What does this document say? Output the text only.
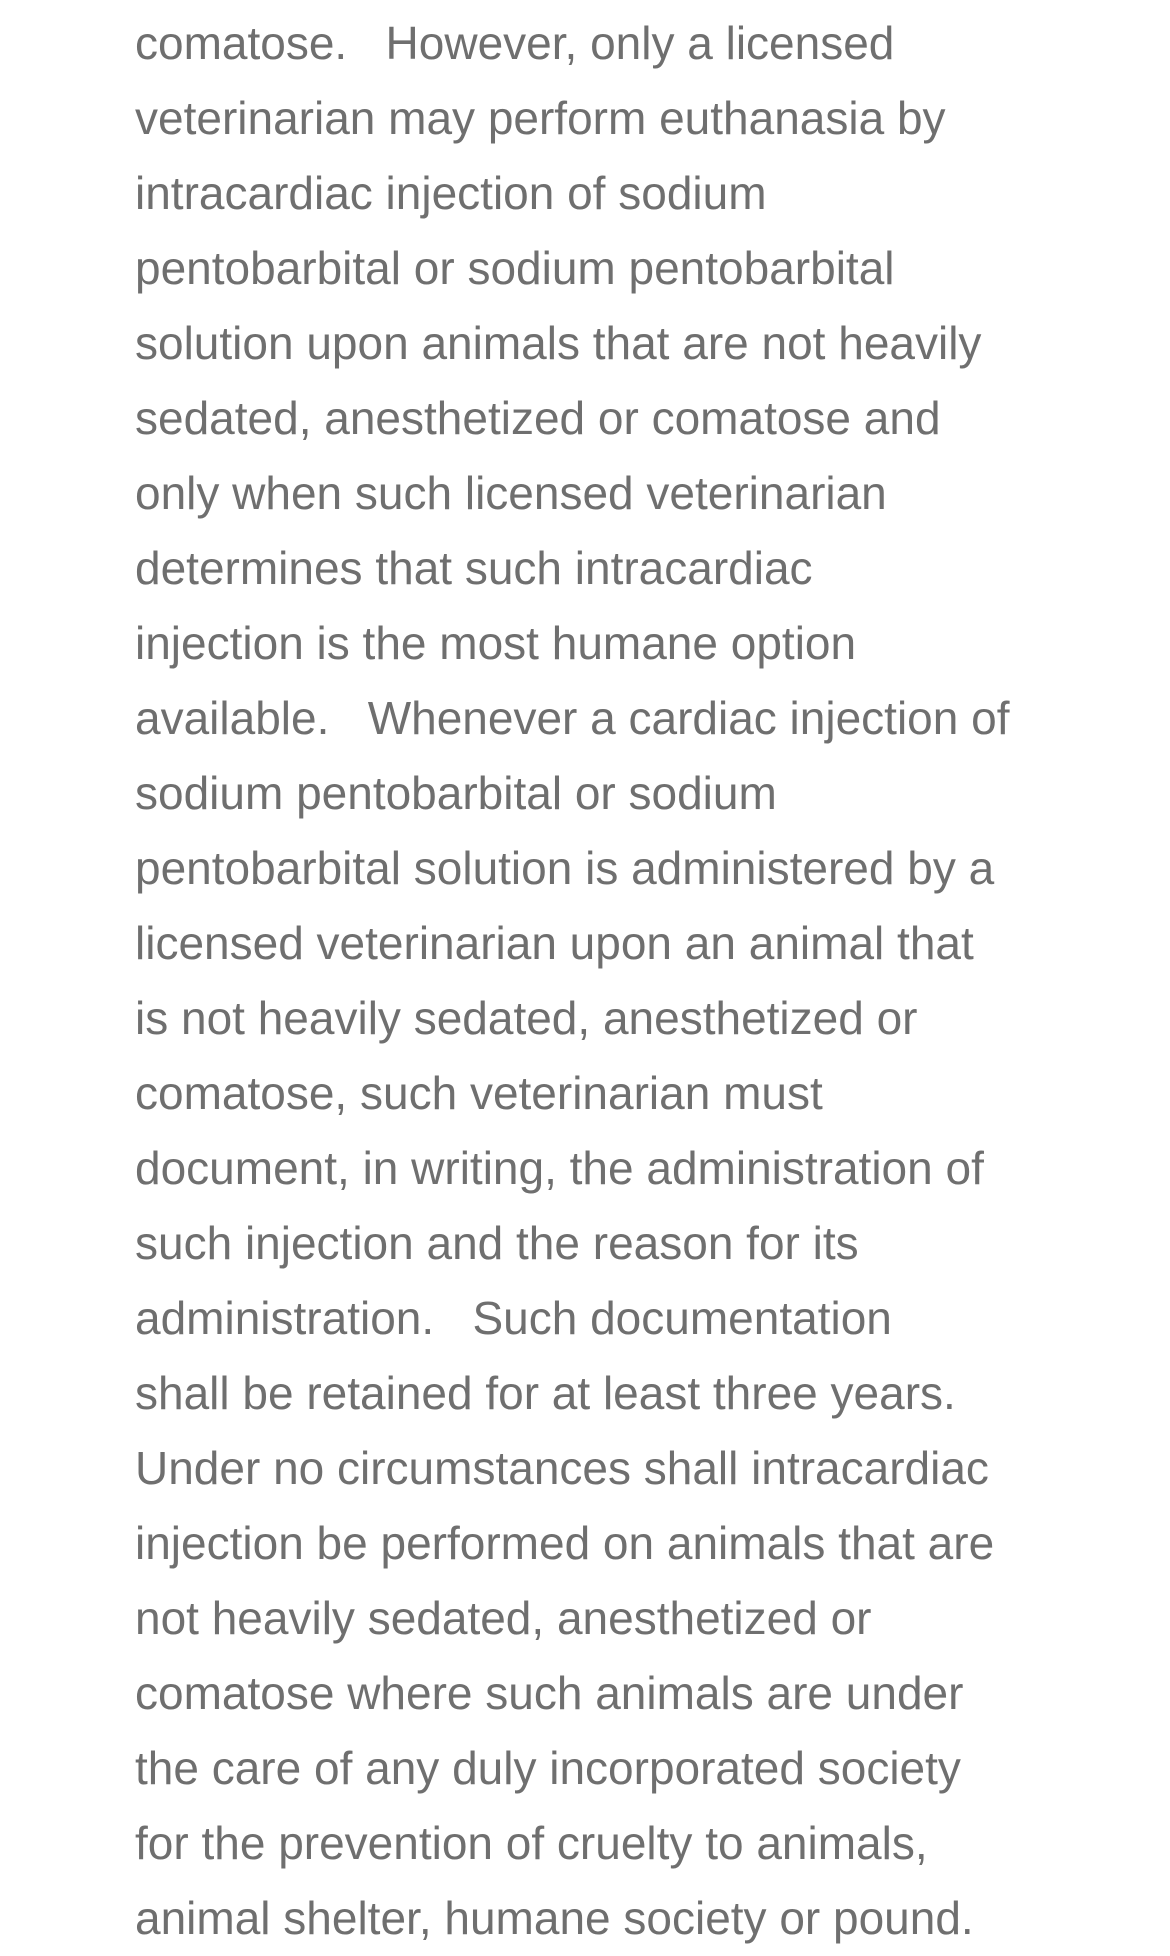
comatose.   However, only a licensed
veterinarian may perform euthanasia by
intracardiac injection of sodium
pentobarbital or sodium pentobarbital
solution upon animals that are not heavily
sedated, anesthetized or comatose and
only when such licensed veterinarian
determines that such intracardiac
injection is the most humane option
available.   Whenever a cardiac injection of
sodium pentobarbital or sodium
pentobarbital solution is administered by a
licensed veterinarian upon an animal that
is not heavily sedated, anesthetized or
comatose, such veterinarian must
document, in writing, the administration of
such injection and the reason for its
administration.   Such documentation
shall be retained for at least three years.
Under no circumstances shall intracardiac
injection be performed on animals that are
not heavily sedated, anesthetized or
comatose where such animals are under
the care of any duly incorporated society
for the prevention of cruelty to animals,
animal shelter, humane society or pound.
